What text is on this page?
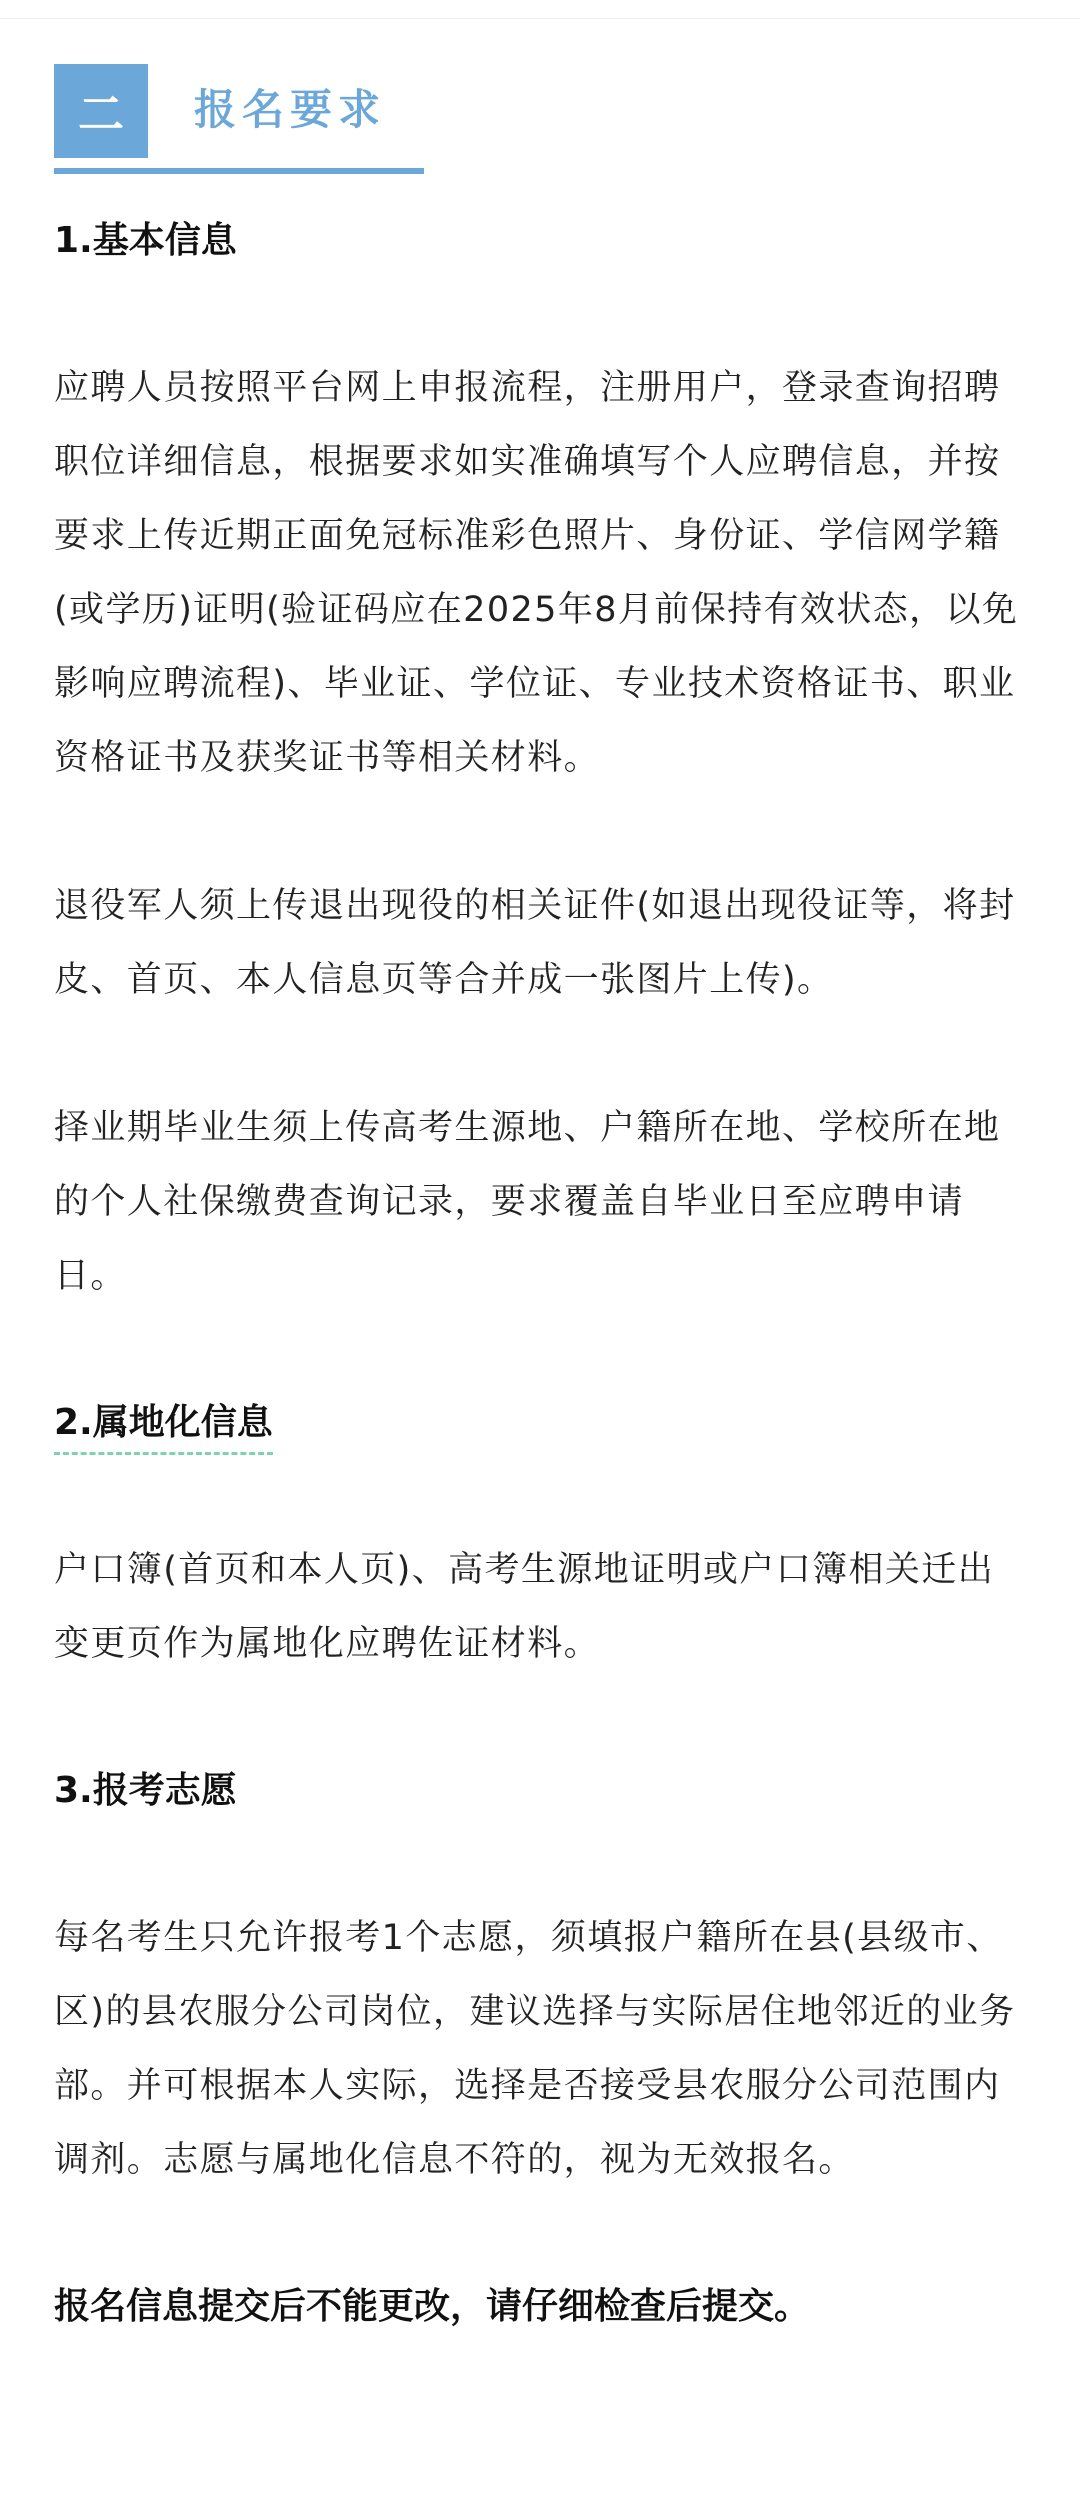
二	报名要求

1.基本信息

应聘人员按照平台网上申报流程，注册用户，登录查询招聘职位详细信息，根据要求如实准确填写个人应聘信息，并按要求上传近期正面免冠标准彩色照片、身份证、学信网学籍(或学历)证明(验证码应在2025年8月前保持有效状态，以免影响应聘流程)、毕业证、学位证、专业技术资格证书、职业资格证书及获奖证书等相关材料。

退役军人须上传退出现役的相关证件(如退出现役证等，将封皮、首页、本人信息页等合并成一张图片上传)。

择业期毕业生须上传高考生源地、户籍所在地、学校所在地的个人社保缴费查询记录，要求覆盖自毕业日至应聘申请日。

2.属地化信息

户口簿(首页和本人页)、高考生源地证明或户口簿相关迁出变更页作为属地化应聘佐证材料。

3.报考志愿

每名考生只允许报考1个志愿，须填报户籍所在县(县级市、区)的县农服分公司岗位，建议选择与实际居住地邻近的业务部。并可根据本人实际，选择是否接受县农服分公司范围内调剂。志愿与属地化信息不符的，视为无效报名。

报名信息提交后不能更改，请仔细检查后提交。
